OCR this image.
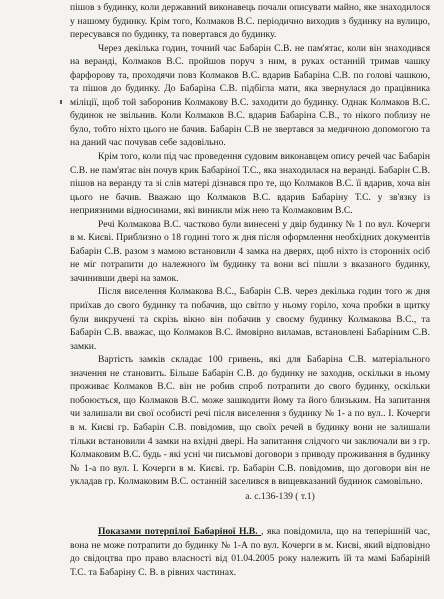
пішов з будинку, коли державний виконавець почали описувати майно, яке знаходилося у нашому будинку. Крім того, Колмаков В.С. періодично виходив з будинку на вулицю, пересувався по будинку, та повертався до будинку.

Через декілька годин, точний час Бабарін С.В. не пам'ятає, коли він знаходився на веранді, Колмаков В.С. пройшов поруч з ним, в руках останній тримав чашку фарфорову та, проходячи повз Колмаков В.С. вдарив Бабаріна С.В. по голові чашкою, та пішов до будинку. До Бабаріна С.В. підбігла мати, яка звернулася до працівника міліції, щоб той заборонив Колмакову В.С. заходити до будинку. Однак Колмаков В.С. будинок не звільнив. Коли Колмаков В.С. вдарив Бабаріна С.В., то нікого поблизу не було, тобто ніхто цього не бачив. Бабарін С.В не звертався за медичною допомогою та на даний час почував себе задовільно.

Крім того, коли під час проведення судовим виконавцем опису речей час Бабарін С.В. не пам'ятає він почув крик Бабаріної Т.С., яка знаходилася на веранді. Бабарін С.В. пішов на веранду та зі слів матері дізнався про те, що Колмаков В.С. її вдарив, хоча він цього не бачив. Вважаю що Колмаков В.С. вдарив Бабаріну Т.С. у зв'язку із неприязними відносинами, які виникли між нею та Колмаковим В.С.

Речі Колмакова В.С. частково були винесені у двір будинку № 1 по вул. Кочерги в м. Києві. Приблизно о 18 годині того ж дня після оформлення необхідних документів Бабарін С.В. разом з мамою встановили 4 замка на дверях, щоб ніхто із сторонніх осіб не міг потрапити до належного їм будинку та вони всі пішли з вказаного будинку, зачинивши двері на замок.

Після виселення Колмакова В.С., Бабарін С.В. через декілька годин того ж дня приїхав до свого будинку та побачив, що світло у ньому горіло, хоча пробки в щитку були викручені та скрізь вікно він побачив у своєму будинку Колмакова В.С., та Бабарін С.В. вважає, що Колмаков В.С. ймовірно виламав, встановлені Бабаріним С.В. замки.

Вартість замків складає 100 гривень, які для Бабаріна С.В. матеріального значення не становить. Більше Бабарін С.В. до будинку не заходив, оскільки в ньому проживає Колмаков В.С. він не робив спроб потрапити до свого будинку, оскільки побоюється, що Колмаков В.С. може зашкодити йому та його близьким. На запитання чи залишали ви свої особисті речі після виселення з будинку № 1- а по вул.. І. Кочерги в м. Києві гр. Бабарін С.В. повідомив, що своїх речей в будинку вони не залишали тільки встановили 4 замки на вхідні двері. На запитання слідчого чи заключали ви з гр. Колмаковим В.С. будь - які усні чи письмові договори з приводу проживання в будинку № 1-а по вул. І. Кочерги в м. Києві. гр. Бабарін С.В. повідомив, що договори він не укладав гр. Колмаковим В.С. останній заселився в вищевказаний будинок самовільно.

а. с.136-139 ( т.1)

Показами потерпілої Бабаріної Н.В. , яка повідомила, що на теперішній час, вона не може потрапити до будинку № 1-А по вул. Кочерги в м. Києві, який відповідно до свідоцтва про право власності від 01.04.2005 року належить їй та мамі Бабаріній Т.С. та Бабаріну С. В. в рівних частинах.
